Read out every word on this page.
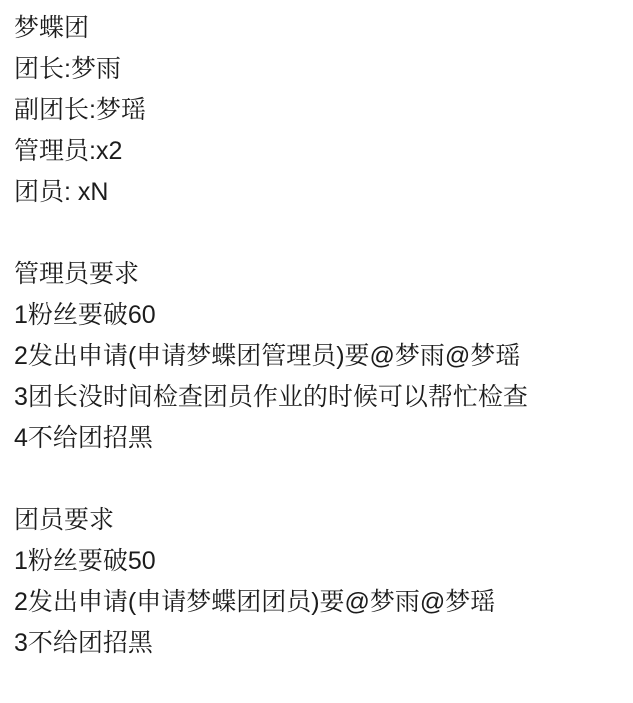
梦蝶团
团长:梦雨
副团长:梦瑶
管理员:x2
团员: xN
管理员要求
1粉丝要破60
2发出申请(申请梦蝶团管理员)要@梦雨@梦瑶
3团长没时间检查团员作业的时候可以帮忙检查
4不给团招黑
团员要求
1粉丝要破50
2发出申请(申请梦蝶团团员)要@梦雨@梦瑶
3不给团招黑
